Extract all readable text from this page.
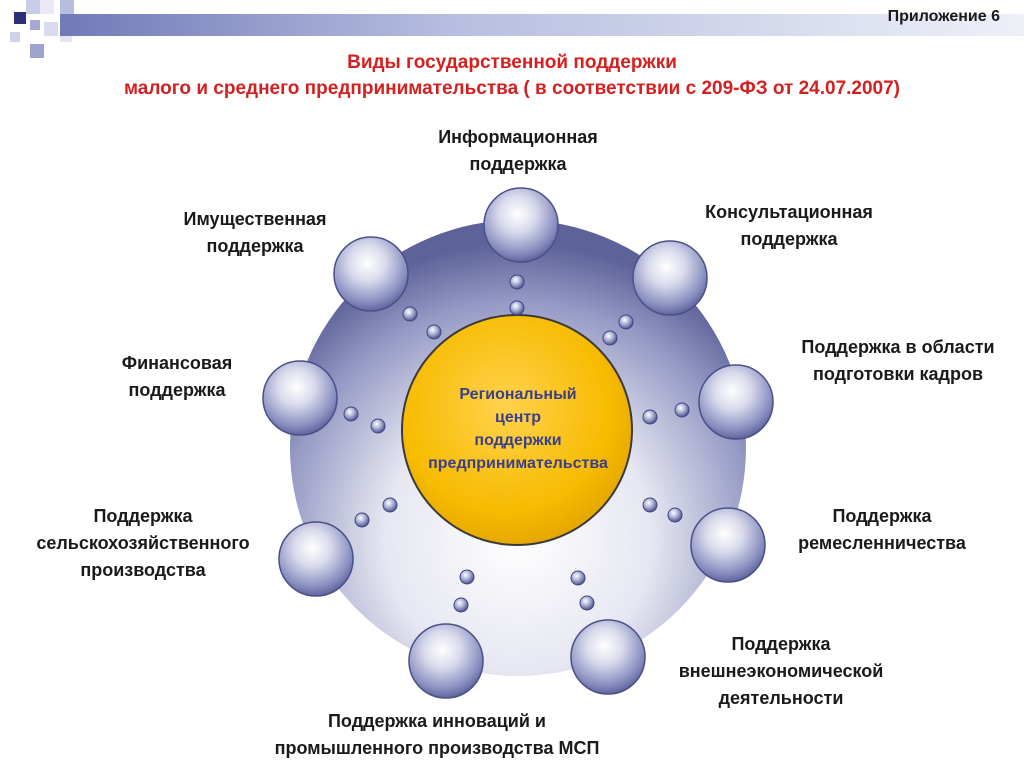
Приложение 6
Виды государственной поддержки
малого и среднего предпринимательства ( в соответствии с 209-ФЗ от 24.07.2007)
Региональный
центр
поддержки
предпринимательства
Информационная
поддержка
Консультационная
поддержка
Поддержка в области
подготовки кадров
Поддержка
ремесленничества
Поддержка
внешнеэкономической
деятельности
Поддержка инноваций и
промышленного производства МСП
Поддержка
сельскохозяйственного
производства
Финансовая
поддержка
Имущественная
поддержка
